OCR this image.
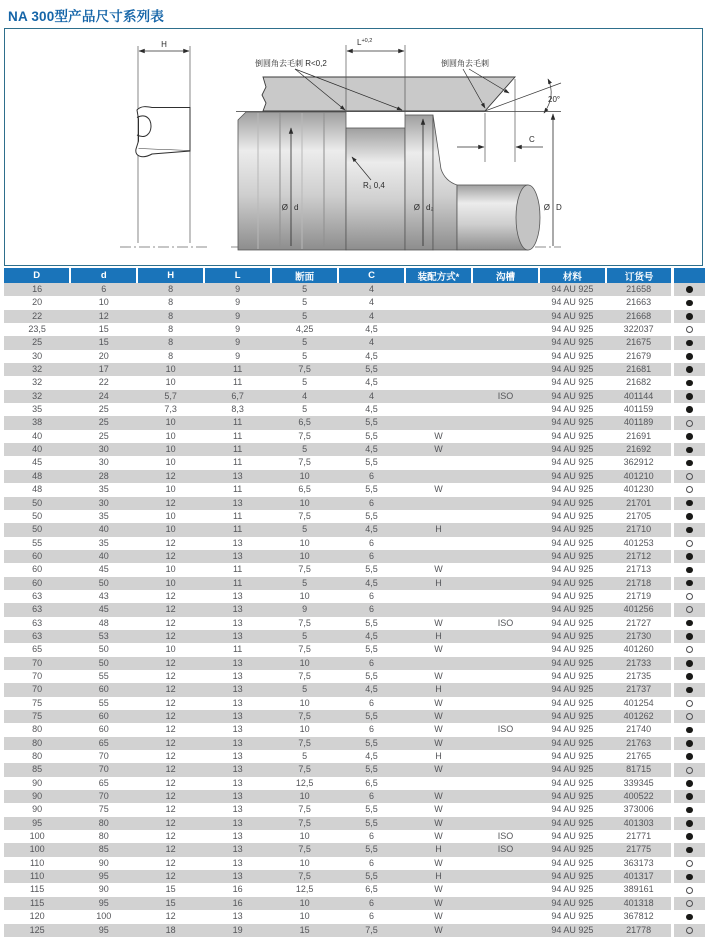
NA 300型产品尺寸系列表
H
20°
$L^{+0,2}$
C
Ø d	Ø d₂	Ø D
R₁ 0,4
倒圆角去毛刺 R<0,2	倒圆角去毛刺
D	d	H	L	断面	C	装配方式*	沟槽	材料	订货号	
16	6	8	9	5	4			94 AU 925	21658	
20	10	8	9	5	4			94 AU 925	21663	
22	12	8	9	5	4			94 AU 925	21668	
23,5	15	8	9	4,25	4,5			94 AU 925	322037	
25	15	8	9	5	4			94 AU 925	21675	
30	20	8	9	5	4,5			94 AU 925	21679	
32	17	10	11	7,5	5,5			94 AU 925	21681	
32	22	10	11	5	4,5			94 AU 925	21682	
32	24	5,7	6,7	4	4		ISO	94 AU 925	401144	
35	25	7,3	8,3	5	4,5			94 AU 925	401159	
38	25	10	11	6,5	5,5			94 AU 925	401189	
40	25	10	11	7,5	5,5	W		94 AU 925	21691	
40	30	10	11	5	4,5	W		94 AU 925	21692	
45	30	10	11	7,5	5,5			94 AU 925	362912	
48	28	12	13	10	6			94 AU 925	401210	
48	35	10	11	6,5	5,5	W		94 AU 925	401230	
50	30	12	13	10	6			94 AU 925	21701	
50	35	10	11	7,5	5,5			94 AU 925	21705	
50	40	10	11	5	4,5	H		94 AU 925	21710	
55	35	12	13	10	6			94 AU 925	401253	
60	40	12	13	10	6			94 AU 925	21712	
60	45	10	11	7,5	5,5	W		94 AU 925	21713	
60	50	10	11	5	4,5	H		94 AU 925	21718	
63	43	12	13	10	6			94 AU 925	21719	
63	45	12	13	9	6			94 AU 925	401256	
63	48	12	13	7,5	5,5	W	ISO	94 AU 925	21727	
63	53	12	13	5	4,5	H		94 AU 925	21730	
65	50	10	11	7,5	5,5	W		94 AU 925	401260	
70	50	12	13	10	6			94 AU 925	21733	
70	55	12	13	7,5	5,5	W		94 AU 925	21735	
70	60	12	13	5	4,5	H		94 AU 925	21737	
75	55	12	13	10	6	W		94 AU 925	401254	
75	60	12	13	7,5	5,5	W		94 AU 925	401262	
80	60	12	13	10	6	W	ISO	94 AU 925	21740	
80	65	12	13	7,5	5,5	W		94 AU 925	21763	
80	70	12	13	5	4,5	H		94 AU 925	21765	
85	70	12	13	7,5	5,5	W		94 AU 925	81715	
90	65	12	13	12,5	6,5			94 AU 925	339345	
90	70	12	13	10	6	W		94 AU 925	400522	
90	75	12	13	7,5	5,5	W		94 AU 925	373006	
95	80	12	13	7,5	5,5	W		94 AU 925	401303	
100	80	12	13	10	6	W	ISO	94 AU 925	21771	
100	85	12	13	7,5	5,5	H	ISO	94 AU 925	21775	
110	90	12	13	10	6	W		94 AU 925	363173	
110	95	12	13	7,5	5,5	H		94 AU 925	401317	
115	90	15	16	12,5	6,5	W		94 AU 925	389161	
115	95	15	16	10	6	W		94 AU 925	401318	
120	100	12	13	10	6	W		94 AU 925	367812	
125	95	18	19	15	7,5	W		94 AU 925	21778	
